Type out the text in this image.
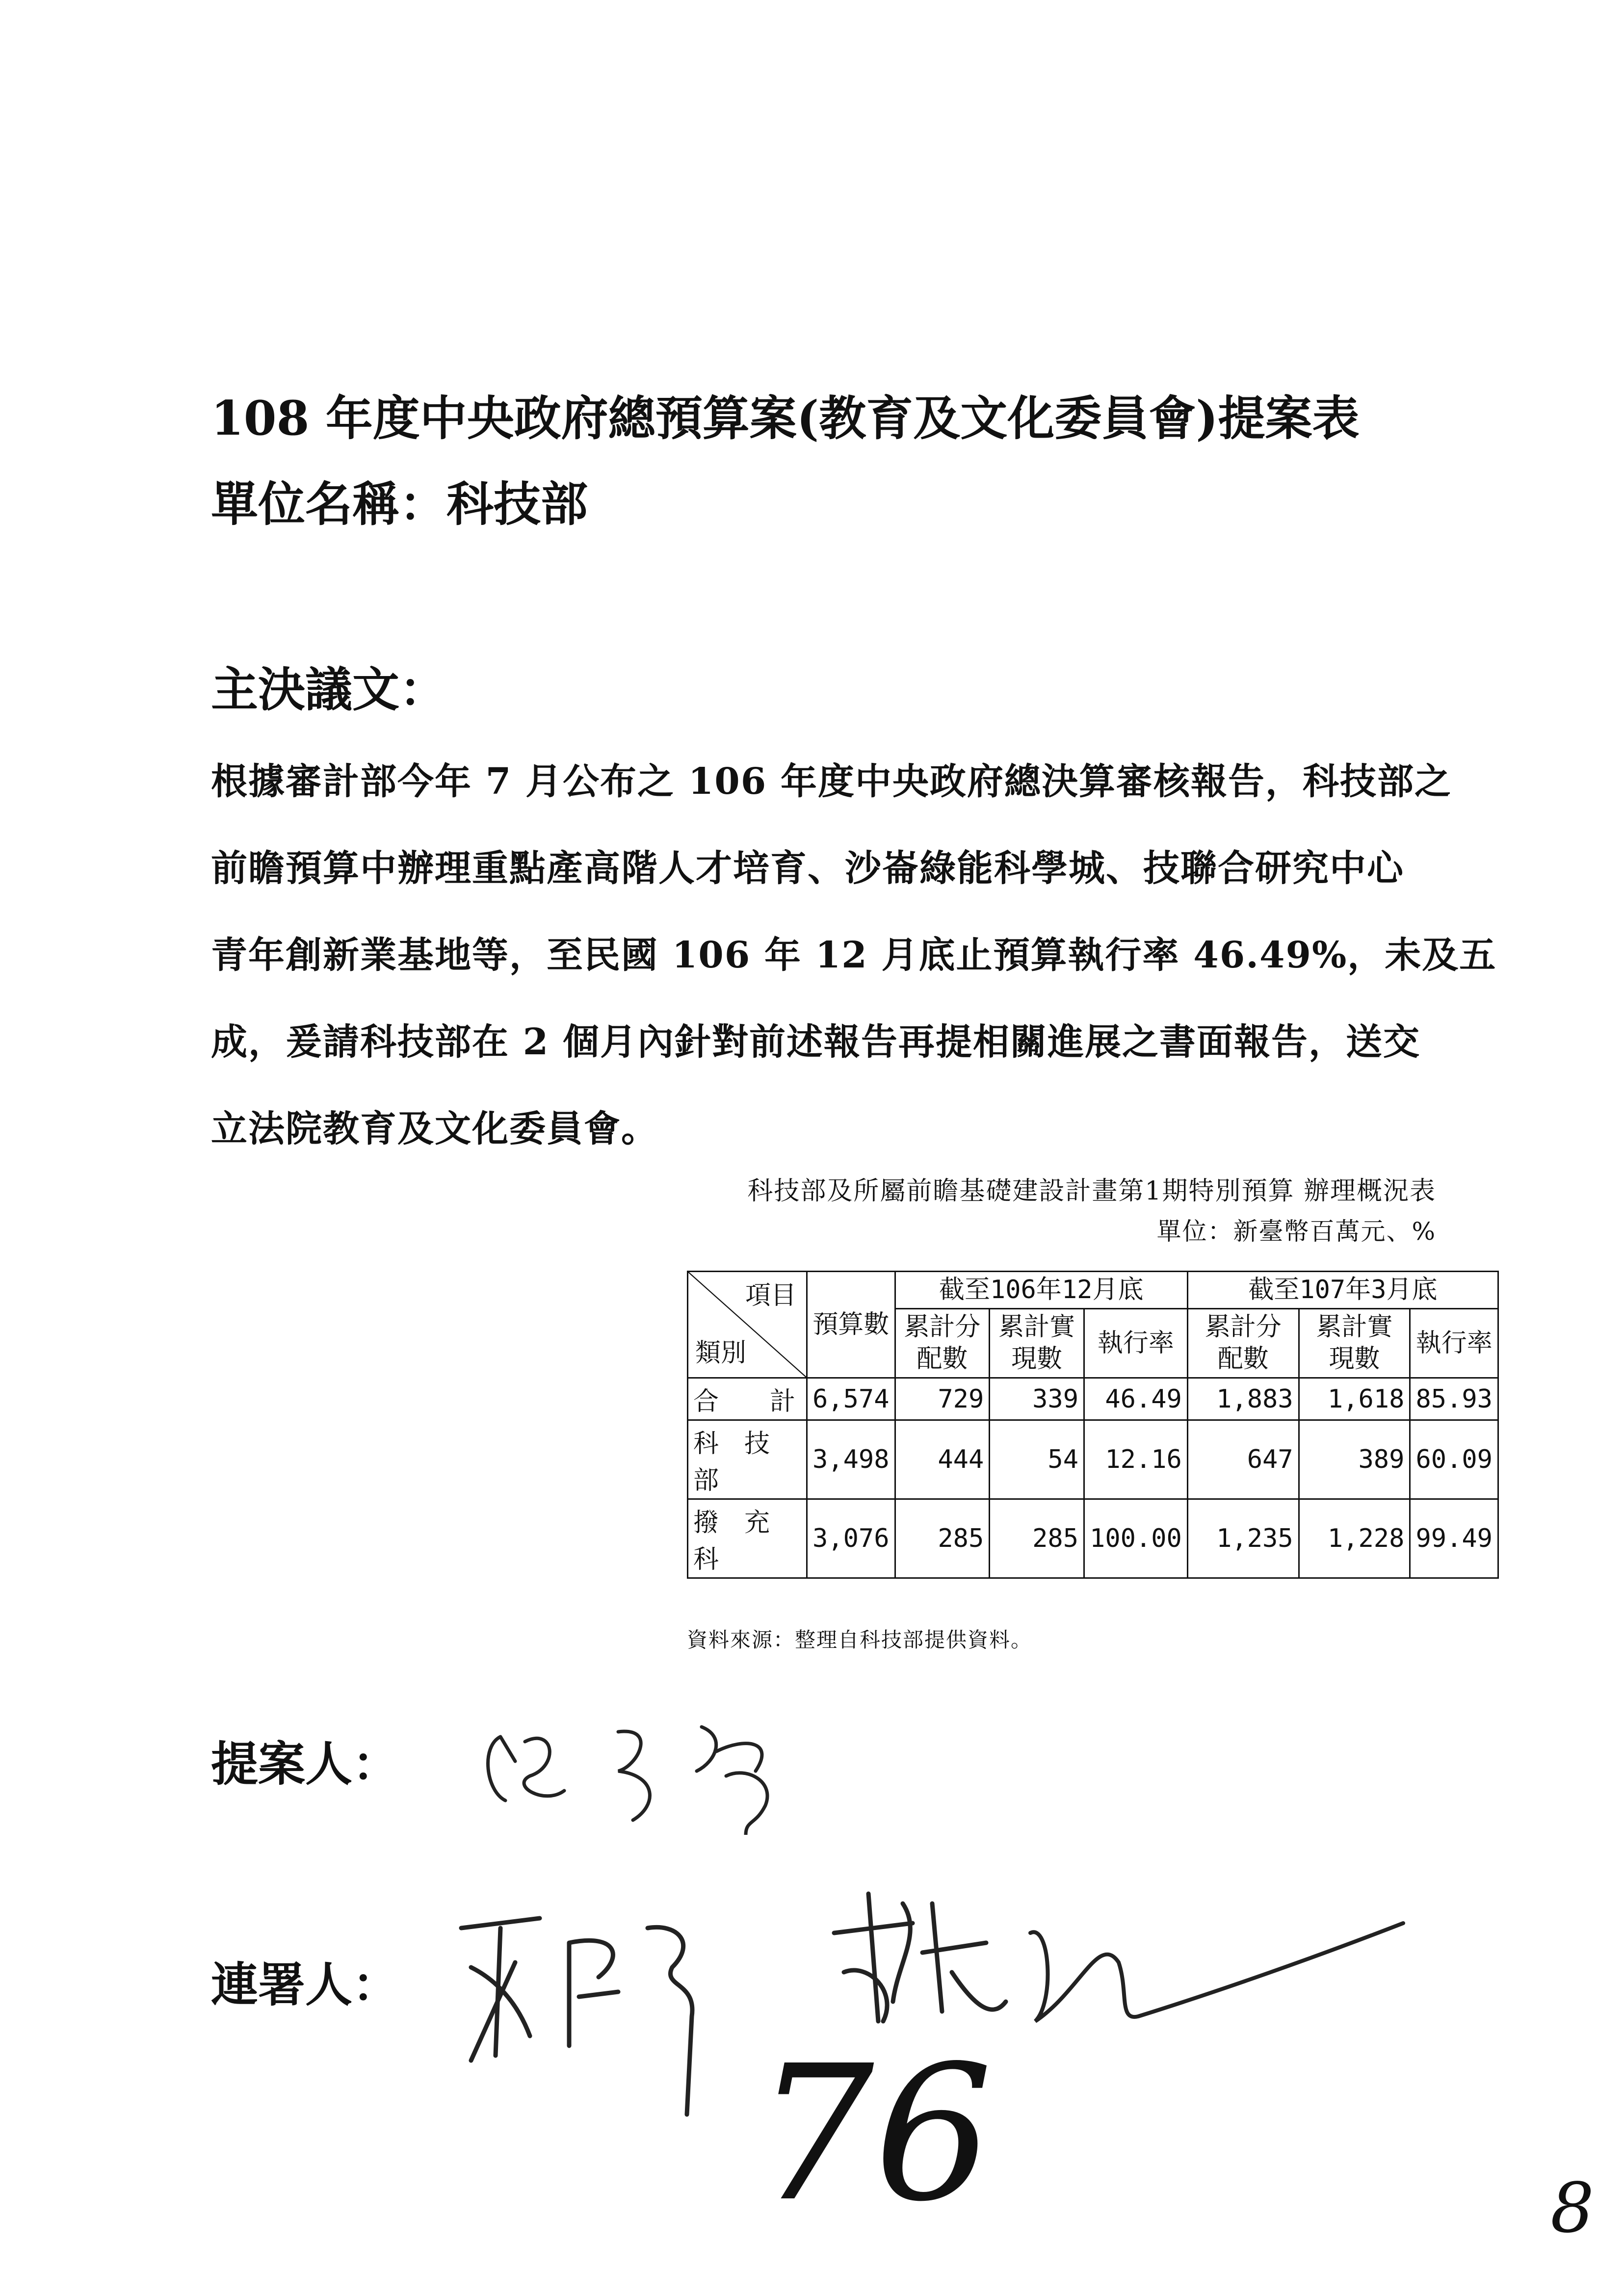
108 年度中央政府總預算案(教育及文化委員會)提案表
單位名稱：科技部
主決議文：
根據審計部今年 7 月公布之 106 年度中央政府總決算審核報告，科技部之
前瞻預算中辦理重點產高階人才培育、沙崙綠能科學城、技聯合研究中心
青年創新業基地等，至民國 106 年 12 月底止預算執行率 46.49%，未及五
成，爰請科技部在 2 個月內針對前述報告再提相關進展之書面報告，送交
立法院教育及文化委員會。
科技部及所屬前瞻基礎建設計畫第1期特別預算 辦理概況表
單位：新臺幣百萬元、%
項目
類別	預算數	截至106年12月底			截至107年3月底		
		累計分配數	累計實現數	執行率	累計分配數	累計實現數	執行率
合　　計	6,574	729	339	46.49	1,883	1,618	85.93
科　技　部	3,498	444	54	12.16	647	389	60.09
撥　充　科	3,076	285	285	100.00	1,235	1,228	99.49
資料來源：整理自科技部提供資料。
提案人：
連署人：
76	8
